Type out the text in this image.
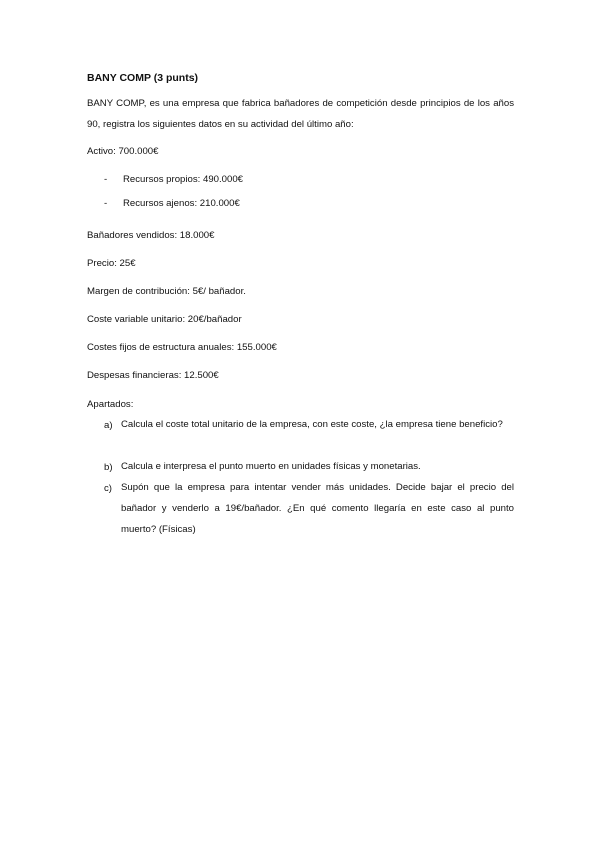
BANY COMP (3 punts)
BANY COMP, es una empresa que fabrica bañadores de competición desde principios de los años 90, registra los siguientes datos en su actividad del último año:
Activo: 700.000€
- Recursos propios: 490.000€
- Recursos ajenos: 210.000€
Bañadores vendidos: 18.000€
Precio: 25€
Margen de contribución: 5€/ bañador.
Coste variable unitario: 20€/bañador
Costes fijos de estructura anuales: 155.000€
Despesas financieras: 12.500€
Apartados:
a) Calcula el coste total unitario de la empresa, con este coste, ¿la empresa tiene beneficio?
b) Calcula e interpresa el punto muerto en unidades físicas y monetarias.
c) Supón que la empresa para intentar vender más unidades. Decide bajar el precio del bañador y venderlo a 19€/bañador. ¿En qué comento llegaría en este caso al punto muerto? (Físicas)
